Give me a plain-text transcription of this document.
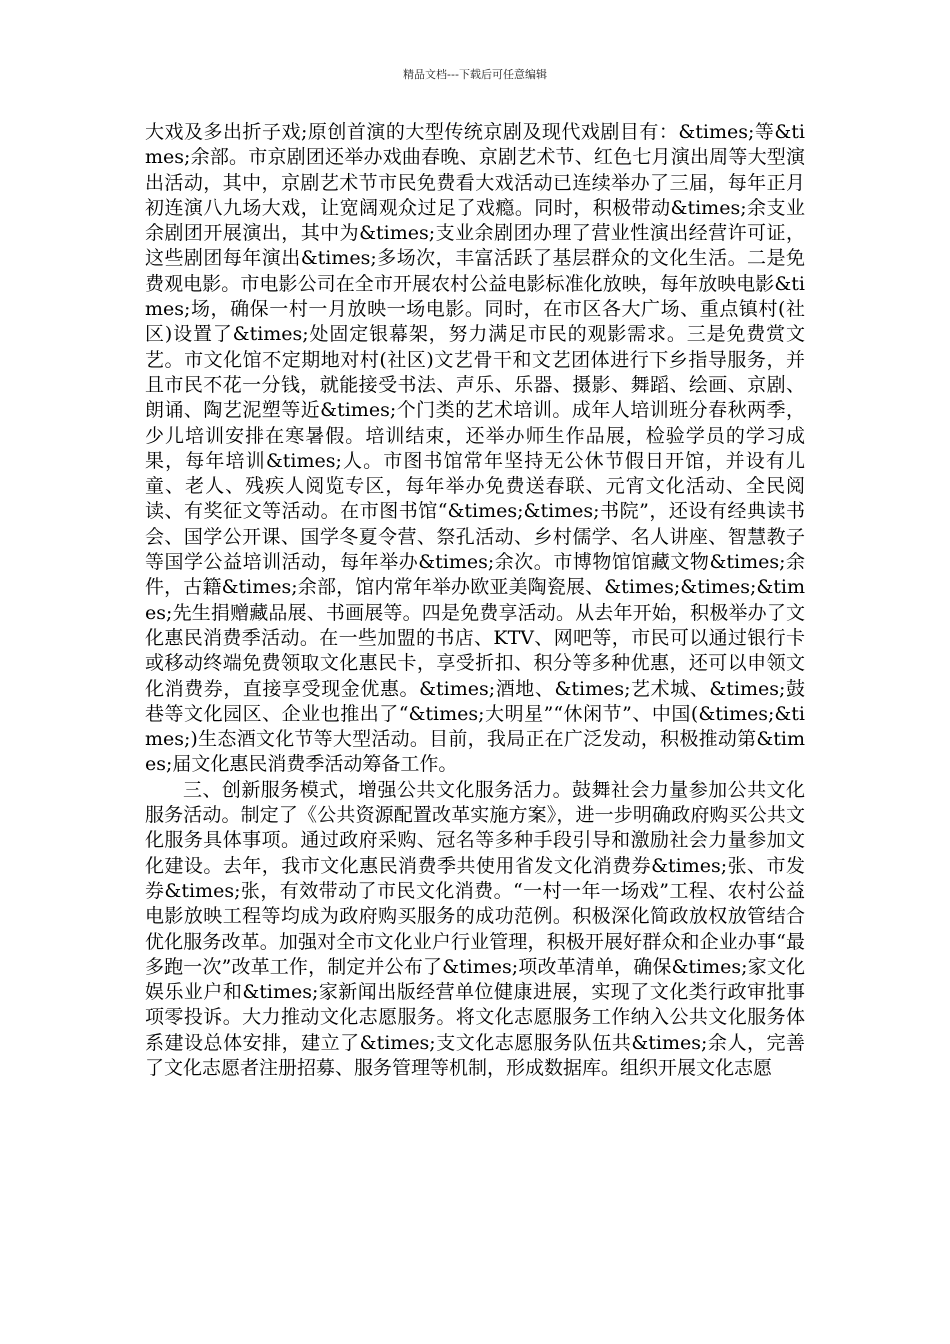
精品文档---下载后可任意编辑

大戏及多出折子戏;原创首演的大型传统京剧及现代戏剧目有：&times;等&times;余部。市京剧团还举办戏曲春晚、京剧艺术节、红色七月演出周等大型演出活动，其中，京剧艺术节市民免费看大戏活动已连续举办了三届，每年正月初连演八九场大戏，让宽阔观众过足了戏瘾。同时，积极带动&times;余支业余剧团开展演出，其中为&times;支业余剧团办理了营业性演出经营许可证，这些剧团每年演出&times;多场次，丰富活跃了基层群众的文化生活。二是免费观电影。市电影公司在全市开展农村公益电影标准化放映，每年放映电影&times;场，确保一村一月放映一场电影。同时，在市区各大广场、重点镇村(社区)设置了&times;处固定银幕架，努力满足市民的观影需求。三是免费赏文艺。市文化馆不定期地对村(社区)文艺骨干和文艺团体进行下乡指导服务，并且市民不花一分钱，就能接受书法、声乐、乐器、摄影、舞蹈、绘画、京剧、朗诵、陶艺泥塑等近&times;个门类的艺术培训。成年人培训班分春秋两季，少儿培训安排在寒暑假。培训结束，还举办师生作品展，检验学员的学习成果，每年培训&times;人。市图书馆常年坚持无公休节假日开馆，并设有儿童、老人、残疾人阅览专区，每年举办免费送春联、元宵文化活动、全民阅读、有奖征文等活动。在市图书馆“&times;&times;书院”，还设有经典读书会、国学公开课、国学冬夏令营、祭孔活动、乡村儒学、名人讲座、智慧教子等国学公益培训活动，每年举办&times;余次。市博物馆馆藏文物&times;余件，古籍&times;余部，馆内常年举办欧亚美陶瓷展、&times;&times;&times;先生捐赠藏品展、书画展等。四是免费享活动。从去年开始，积极举办了文化惠民消费季活动。在一些加盟的书店、KTV、网吧等，市民可以通过银行卡或移动终端免费领取文化惠民卡，享受折扣、积分等多种优惠，还可以申领文化消费券，直接享受现金优惠。&times;酒地、&times;艺术城、&times;鼓巷等文化园区、企业也推出了“&times;大明星”“休闲节”、中国(&times;&times;)生态酒文化节等大型活动。目前，我局正在广泛发动，积极推动第&times;届文化惠民消费季活动筹备工作。

三、创新服务模式，增强公共文化服务活力。鼓舞社会力量参加公共文化服务活动。制定了《公共资源配置改革实施方案》，进一步明确政府购买公共文化服务具体事项。通过政府采购、冠名等多种手段引导和激励社会力量参加文化建设。去年，我市文化惠民消费季共使用省发文化消费券&times;张、市发券&times;张，有效带动了市民文化消费。“一村一年一场戏”工程、农村公益电影放映工程等均成为政府购买服务的成功范例。积极深化简政放权放管结合优化服务改革。加强对全市文化业户行业管理，积极开展好群众和企业办事“最多跑一次”改革工作，制定并公布了&times;项改革清单，确保&times;家文化娱乐业户和&times;家新闻出版经营单位健康进展，实现了文化类行政审批事项零投诉。大力推动文化志愿服务。将文化志愿服务工作纳入公共文化服务体系建设总体安排，建立了&times;支文化志愿服务队伍共&times;余人，完善了文化志愿者注册招募、服务管理等机制，形成数据库。组织开展文化志愿
